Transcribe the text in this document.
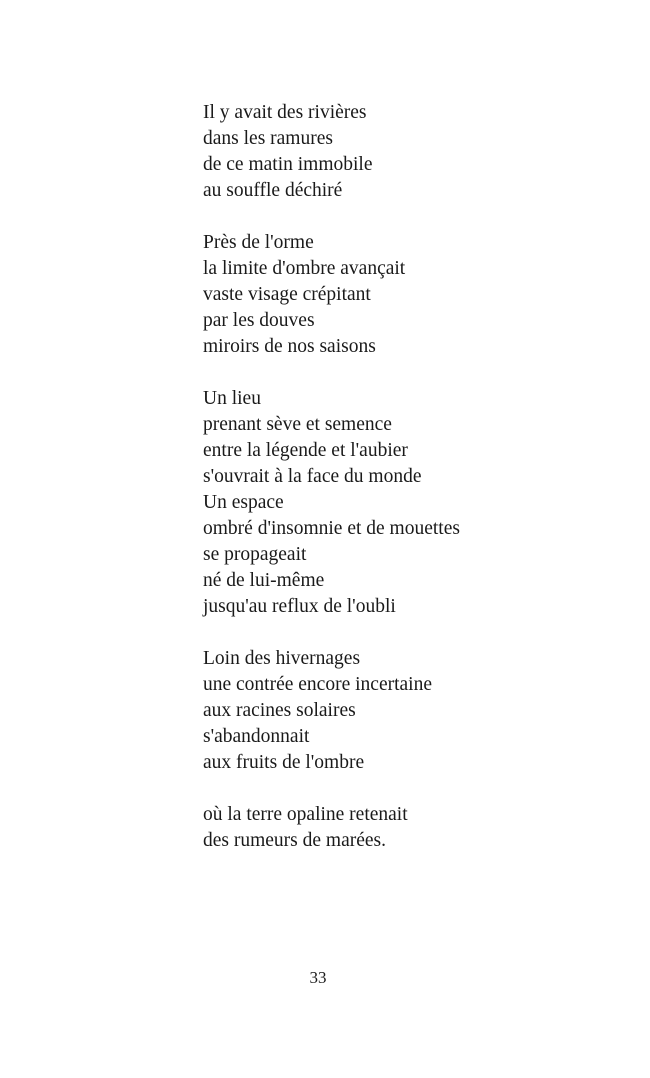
Il y avait des rivières
dans les ramures
de ce matin immobile
au souffle déchiré
Près de l'orme
la limite d'ombre avançait
vaste visage crépitant
par les douves
miroirs de nos saisons
Un lieu
prenant sève et semence
entre la légende et l'aubier
s'ouvrait à la face du monde
Un espace
ombré d'insomnie et de mouettes
se propageait
né de lui-même
jusqu'au reflux de l'oubli
Loin des hivernages
une contrée encore incertaine
aux racines solaires
s'abandonnait
aux fruits de l'ombre
où la terre opaline retenait
des rumeurs de marées.
33
